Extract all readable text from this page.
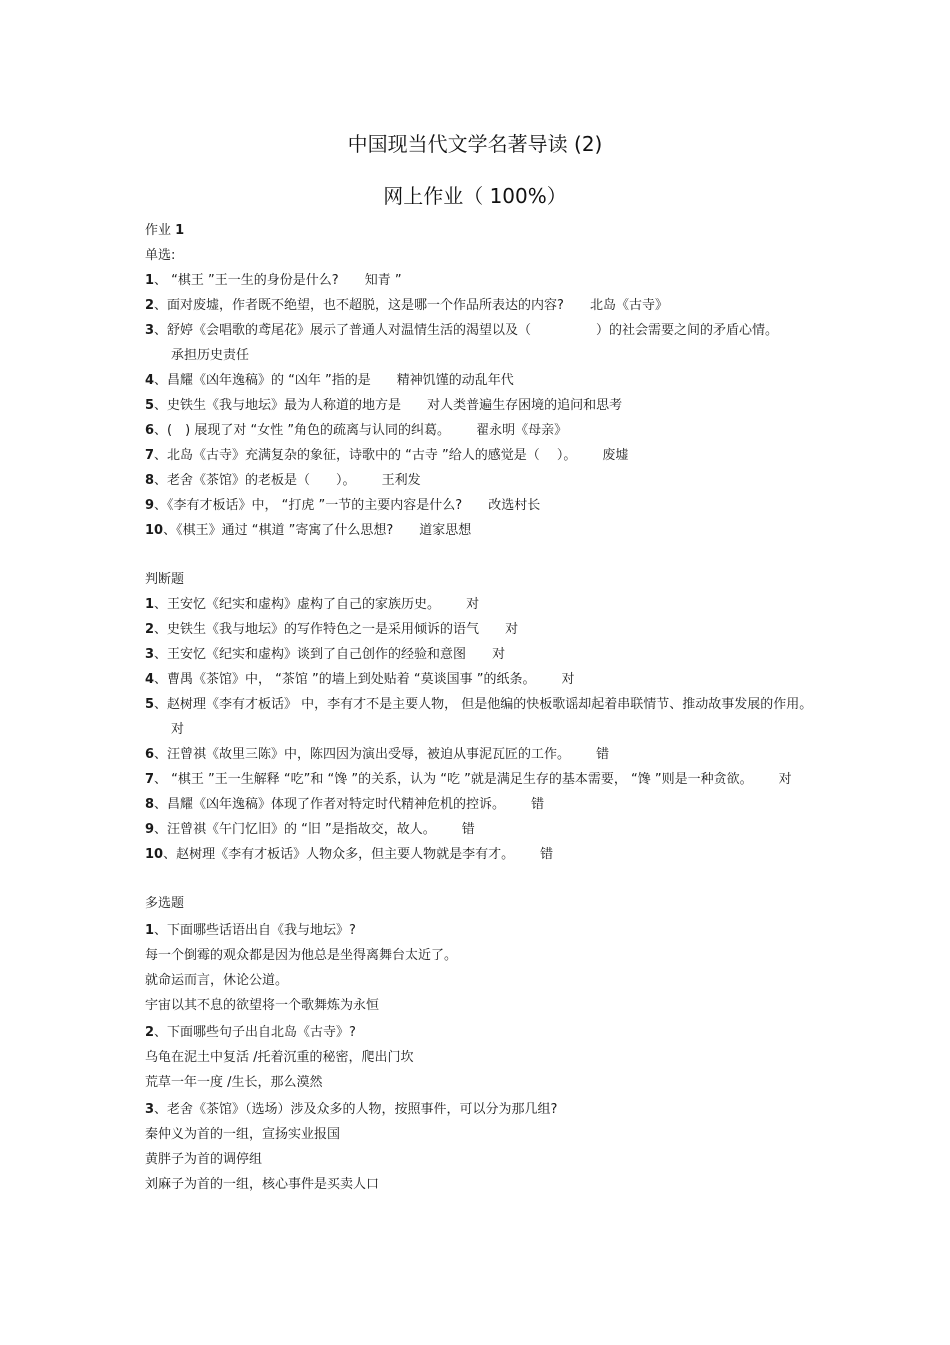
中国现当代文学名著导读 (2)
网上作业（ 100%）
作业 1
单选:
1、 “棋王 ”王一生的身份是什么? 知青 ”
2、面对废墟，作者既不绝望，也不超脱，这是哪一个作品所表达的内容? 北岛《古寺》
3、舒婷《会唱歌的鸢尾花》展示了普通人对温情生活的渴望以及（　　　　　）的社会需要之间的矛盾心情。承担历史责任
4、昌耀《凶年逸稿》的 “凶年 ”指的是 精神饥馑的动乱年代
5、史铁生《我与地坛》最为人称道的地方是 对人类普遍生存困境的追问和思考
6、(　) 展现了对 “女性 ”角色的疏离与认同的纠葛。 翟永明《母亲》
7、北岛《古寺》充满复杂的象征，诗歌中的 “古寺 ”给人的感觉是（　 ）。 废墟
8、老舍《茶馆》的老板是（　　）。 王利发
9、《李有才板话》中， “打虎 ”一节的主要内容是什么? 改选村长
10、《棋王》通过 “棋道 ”寄寓了什么思想? 道家思想
判断题
1、王安忆《纪实和虚构》虚构了自己的家族历史。 对
2、史铁生《我与地坛》的写作特色之一是采用倾诉的语气 对
3、王安忆《纪实和虚构》谈到了自己创作的经验和意图 对
4、曹禺《茶馆》中， “茶馆 ”的墙上到处贴着 “莫谈国事 ”的纸条。 对
5、赵树理《李有才板话》 中，李有才不是主要人物， 但是他编的快板歌谣却起着串联情节、推动故事发展的作用。对
6、汪曾祺《故里三陈》中，陈四因为演出受辱，被迫从事泥瓦匠的工作。 错
7、 “棋王 ”王一生解释 “吃”和 “馋 ”的关系，认为 “吃 ”就是满足生存的基本需要， “馋 ”则是一种贪欲。 对
8、昌耀《凶年逸稿》体现了作者对特定时代精神危机的控诉。 错
9、汪曾祺《午门忆旧》的 “旧 ”是指故交，故人。 错
10、赵树理《李有才板话》人物众多，但主要人物就是李有才。 错
多选题
1、下面哪些话语出自《我与地坛》?
每一个倒霉的观众都是因为他总是坐得离舞台太近了。
就命运而言，休论公道。
宇宙以其不息的欲望将一个歌舞炼为永恒
2、下面哪些句子出自北岛《古寺》?
乌龟在泥土中复活 /托着沉重的秘密，爬出门坎
荒草一年一度 /生长，那么漠然
3、老舍《茶馆》（选场）涉及众多的人物，按照事件，可以分为那几组?
秦仲义为首的一组，宣扬实业报国
黄胖子为首的调停组
刘麻子为首的一组，核心事件是买卖人口
